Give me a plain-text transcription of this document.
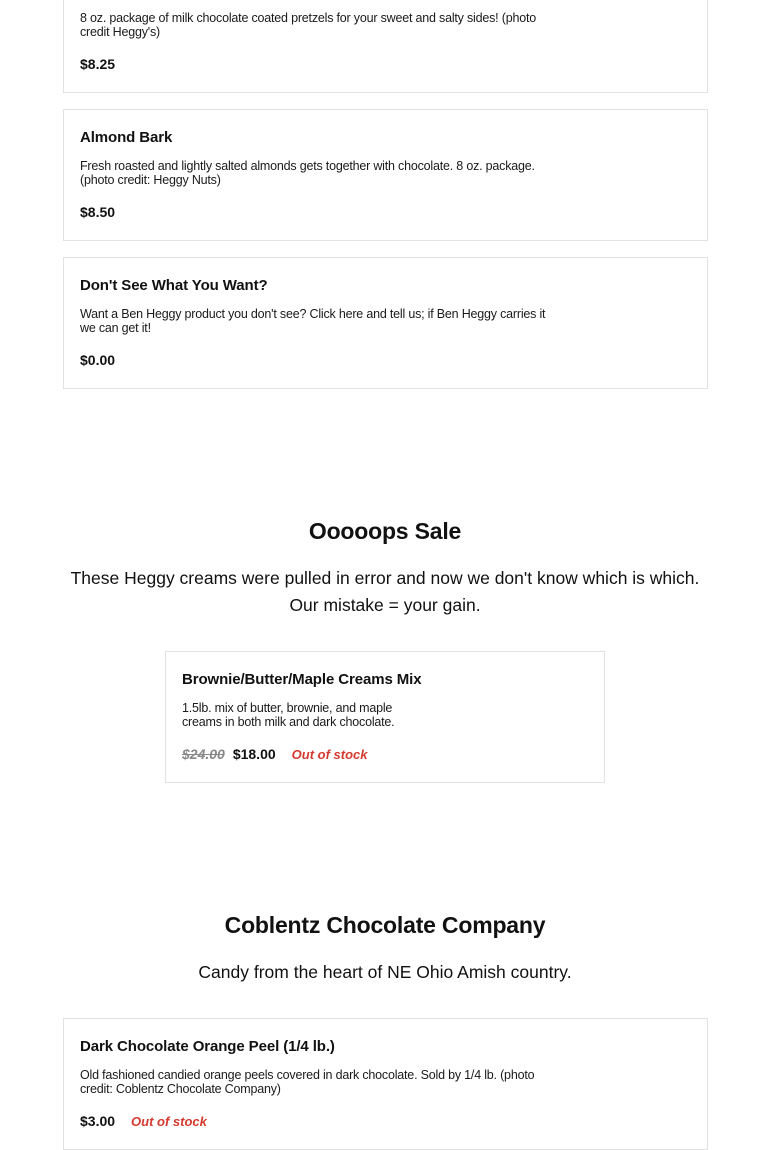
8 oz. package of milk chocolate coated pretzels for your sweet and salty sides! (photo credit Heggy's)
$8.25
Almond Bark
Fresh roasted and lightly salted almonds gets together with chocolate. 8 oz. package. (photo credit: Heggy Nuts)
$8.50
Don't See What You Want?
Want a Ben Heggy product you don't see? Click here and tell us; if Ben Heggy carries it we can get it!
$0.00
Ooooops Sale
These Heggy creams were pulled in error and now we don't know which is which. Our mistake = your gain.
Brownie/Butter/Maple Creams Mix
1.5lb. mix of butter, brownie, and maple creams in both milk and dark chocolate.
$24.00 $18.00 Out of stock
Coblentz Chocolate Company
Candy from the heart of NE Ohio Amish country.
Dark Chocolate Orange Peel (1/4 lb.)
Old fashioned candied orange peels covered in dark chocolate. Sold by 1/4 lb. (photo credit: Coblentz Chocolate Company)
$3.00 Out of stock
